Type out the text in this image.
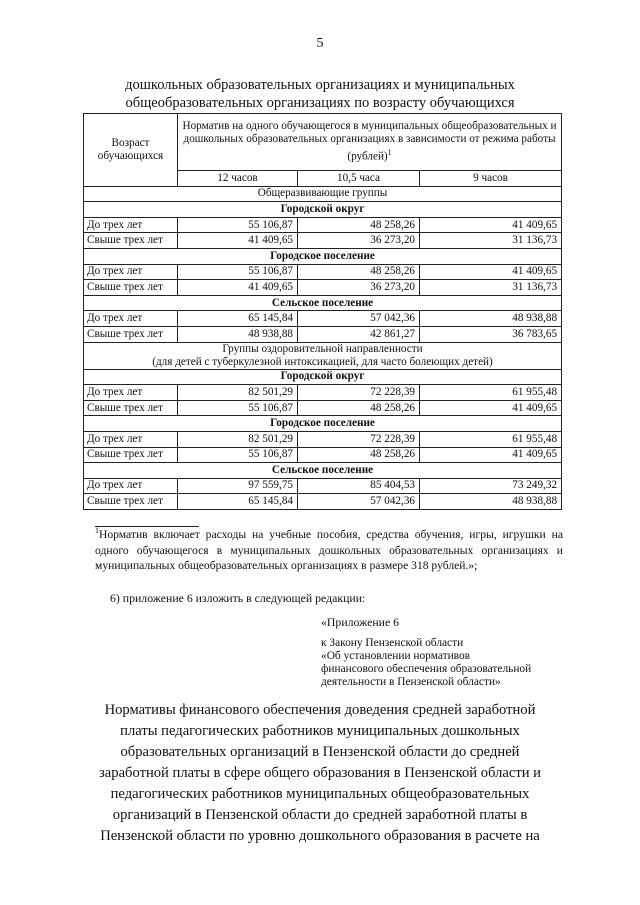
5
дошкольных образовательных организациях и муниципальных общеобразовательных организациях по возрасту обучающихся
Возраст обучающихся	Норматив на одного обучающегося в муниципальных общеобразовательных и дошкольных образовательных организациях в зависимости от режима работы (рублей)$^1$
	12 часов	10,5 часа	9 часов

Общеразвивающие группы			

Городской округ			
До трех лет	55 106,87	48 258,26	41 409,65
Свыше трех лет	41 409,65	36 273,20	31 136,73
Городское поселение			
До трех лет	55 106,87	48 258,26	41 409,65
Свыше трех лет	41 409,65	36 273,20	31 136,73
Сельское поселение			
До трех лет	65 145,84	57 042,36	48 938,88
Свыше трех лет	48 938,88	42 861,27	36 783,65

Группы оздоровительной направленности
(для детей с туберкулезной интоксикацией, для часто болеющих детей)			

Городской округ			
До трех лет	82 501,29	72 228,39	61 955,48
Свыше трех лет	55 106,87	48 258,26	41 409,65
Городское поселение			
До трех лет	82 501,29	72 228,39	61 955,48
Свыше трех лет	55 106,87	48 258,26	41 409,65
Сельское поселение			
До трех лет	97 559,75	85 404,53	73 249,32
Свыше трех лет	65 145,84	57 042,36	48 938,88
$^1$Норматив включает расходы на учебные пособия, средства обучения, игры, игрушки на одного обучающегося в муниципальных дошкольных образовательных организациях и муниципальных общеобразовательных организациях в размере 318 рублей.»;
6) приложение 6 изложить в следующей редакции:
«Приложение 6
к Закону Пензенской области
«Об установлении нормативов
финансового обеспечения образовательной
деятельности в Пензенской области»
Нормативы финансового обеспечения доведения средней заработной
платы педагогических работников муниципальных дошкольных
образовательных организаций в Пензенской области до средней
заработной платы в сфере общего образования в Пензенской области и
педагогических работников муниципальных общеобразовательных
организаций в Пензенской области до средней заработной платы в
Пензенской области по уровню дошкольного образования в расчете на
